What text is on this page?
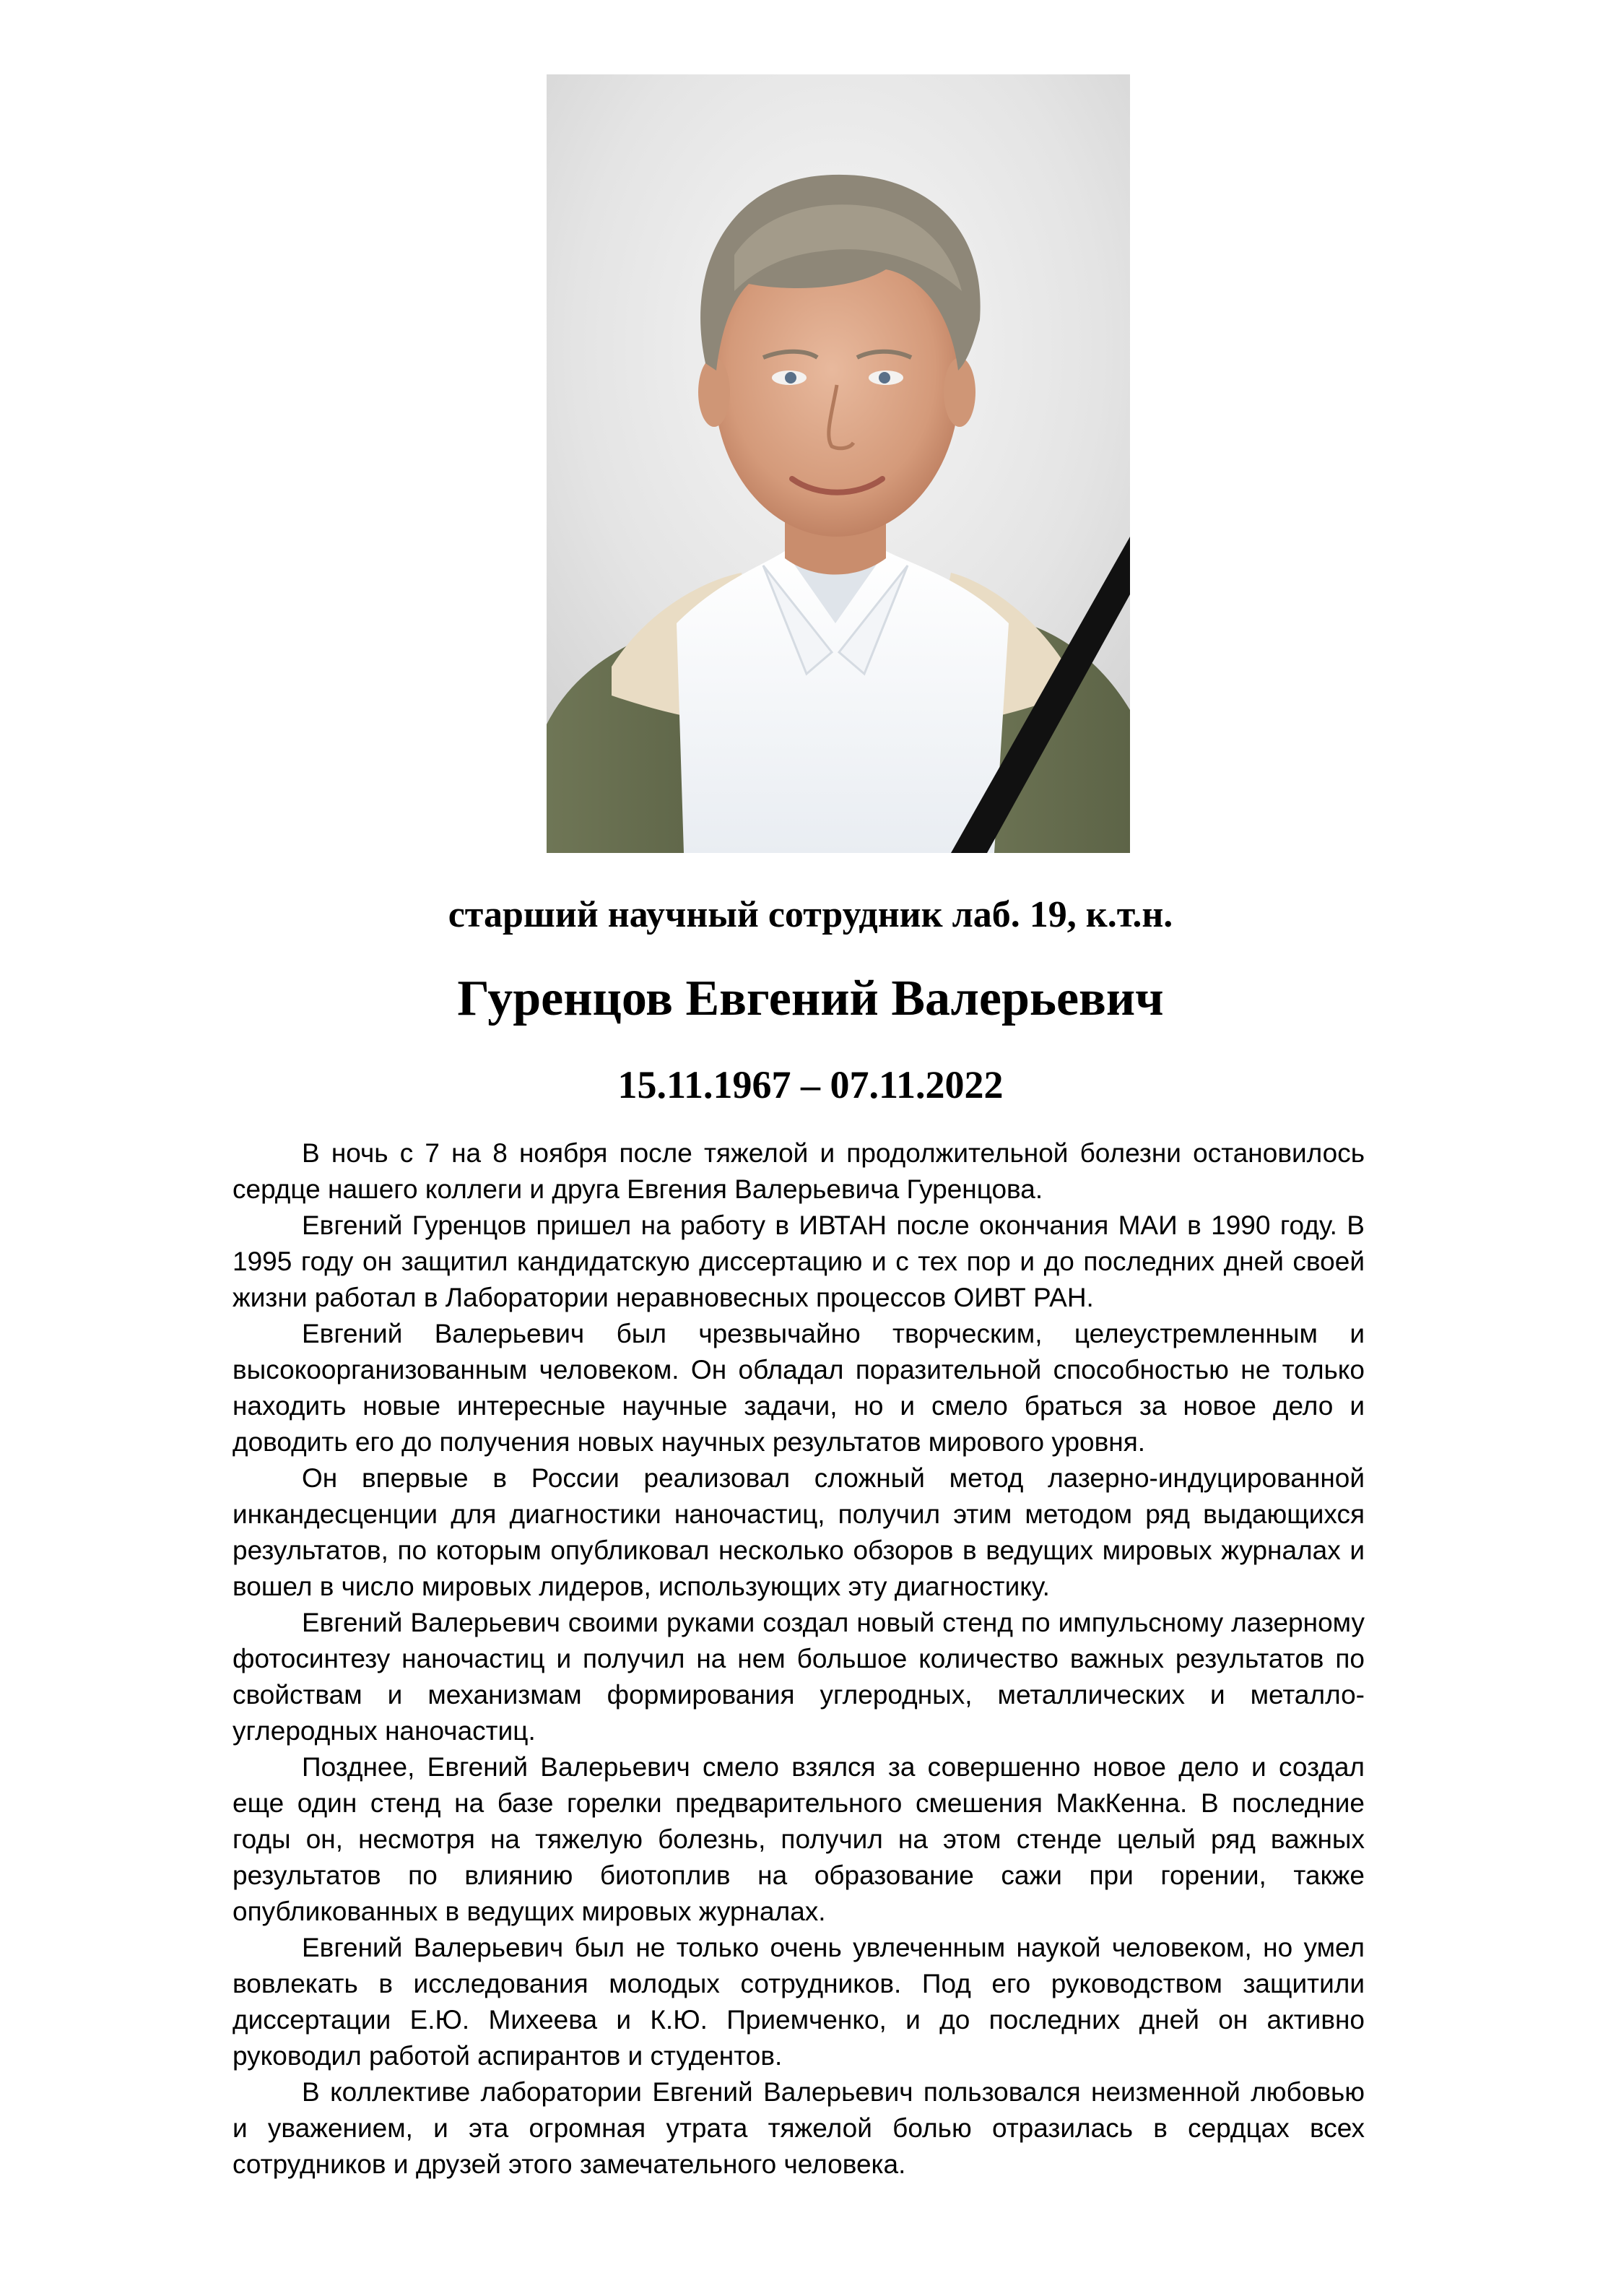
старший научный сотрудник лаб. 19, к.т.н.
Гуренцов Евгений Валерьевич
15.11.1967 – 07.11.2022

В ночь с 7 на 8 ноября после тяжелой и продолжительной болезни остановилось сердце нашего коллеги и друга Евгения Валерьевича Гуренцова.

Евгений Гуренцов пришел на работу в ИВТАН после окончания МАИ в 1990 году. В 1995 году он защитил кандидатскую диссертацию и с тех пор и до последних дней своей жизни работал в Лаборатории неравновесных процессов ОИВТ РАН.

Евгений Валерьевич был чрезвычайно творческим, целеустремленным и высокоорганизованным человеком. Он обладал поразительной способностью не только находить новые интересные научные задачи, но и смело браться за новое дело и доводить его до получения новых научных результатов мирового уровня.

Он впервые в России реализовал сложный метод лазерно-индуцированной инкандесценции для диагностики наночастиц, получил этим методом ряд выдающихся результатов, по которым опубликовал несколько обзоров в ведущих мировых журналах и вошел в число мировых лидеров, использующих эту диагностику.

Евгений Валерьевич своими руками создал новый стенд по импульсному лазерному фотосинтезу наночастиц и получил на нем большое количество важных результатов по свойствам и механизмам формирования углеродных, металлических и металло-углеродных наночастиц.

Позднее, Евгений Валерьевич смело взялся за совершенно новое дело и создал еще один стенд на базе горелки предварительного смешения МакКенна. В последние годы он, несмотря на тяжелую болезнь, получил на этом стенде целый ряд важных результатов по влиянию биотоплив на образование сажи при горении, также опубликованных в ведущих мировых журналах.

Евгений Валерьевич был не только очень увлеченным наукой человеком, но умел вовлекать в исследования молодых сотрудников. Под его руководством защитили диссертации Е.Ю. Михеева и К.Ю. Приемченко, и до последних дней он активно руководил работой аспирантов и студентов.

В коллективе лаборатории Евгений Валерьевич пользовался неизменной любовью и уважением, и эта огромная утрата тяжелой болью отразилась в сердцах всех сотрудников и друзей этого замечательного человека.
